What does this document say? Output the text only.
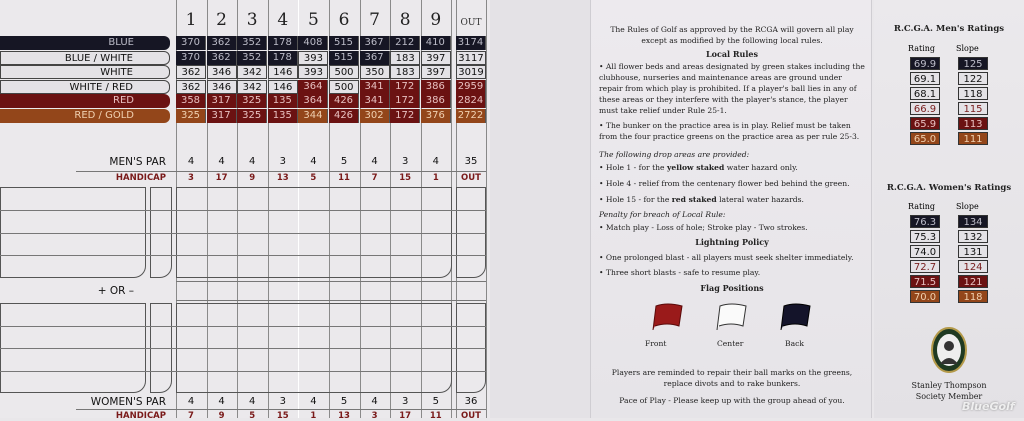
The Rules of Golf as approved by the RCGA will govern all play except as modified by the following local rules.
Local Rules
• All flower beds and areas designated by green stakes including the clubhouse, nurseries and maintenance areas are ground under repair from which play is prohibited. If a player's ball lies in any of these areas or they interfere with the player's stance, the player must take relief under Rule 25-1.
• The bunker on the practice area is in play. Relief must be taken from the four practice greens on the practice area as per rule 25-3.
The following drop areas are provided:
• Hole 1 - for the yellow staked water hazard only.
• Hole 4 - relief from the centenary flower bed behind the green.
• Hole 15 - for the red staked lateral water hazards.
Penalty for breach of Local Rule:
• Match play - Loss of hole; Stroke play - Two strokes.
Lightning Policy
• One prolonged blast - all players must seek shelter immediately.
• Three short blasts - safe to resume play.
Flag Positions
Front	Center	Back
Players are reminded to repair their ball marks on the greens, replace divots and to rake bunkers.
Pace of Play - Please keep up with the group ahead of you.
R.C.G.A. Men's Ratings
Rating	Slope
69.9	125
69.1	122
68.1	118
66.9	115
65.9	113
65.0	111
R.C.G.A. Women's Ratings
Rating	Slope
76.3	134
75.3	132
74.0	131
72.7	124
71.5	121
70.0	118
Stanley Thompson
Society Member
BlueGolf
1	2	3	4	5	6	7	8	9	OUT
BLUE	370	362	352	178	408	515	367	212	410	3174
BLUE / WHITE	370	362	352	178	393	515	367	183	397	3117
WHITE	362	346	342	146	393	500	350	183	397	3019
WHITE / RED	362	346	342	146	364	500	341	172	386	2959
RED	358	317	325	135	364	426	341	172	386	2824
RED / GOLD	325	317	325	135	344	426	302	172	376	2722
MEN'S PAR	4	4	4	3	4	5	4	3	4	35
HANDICAP	3	17	9	13	5	11	7	15	1	OUT
WOMEN'S PAR	4	4	4	3	4	5	4	3	5	36
HANDICAP	7	9	5	15	1	13	3	17	11	OUT
+ OR –
